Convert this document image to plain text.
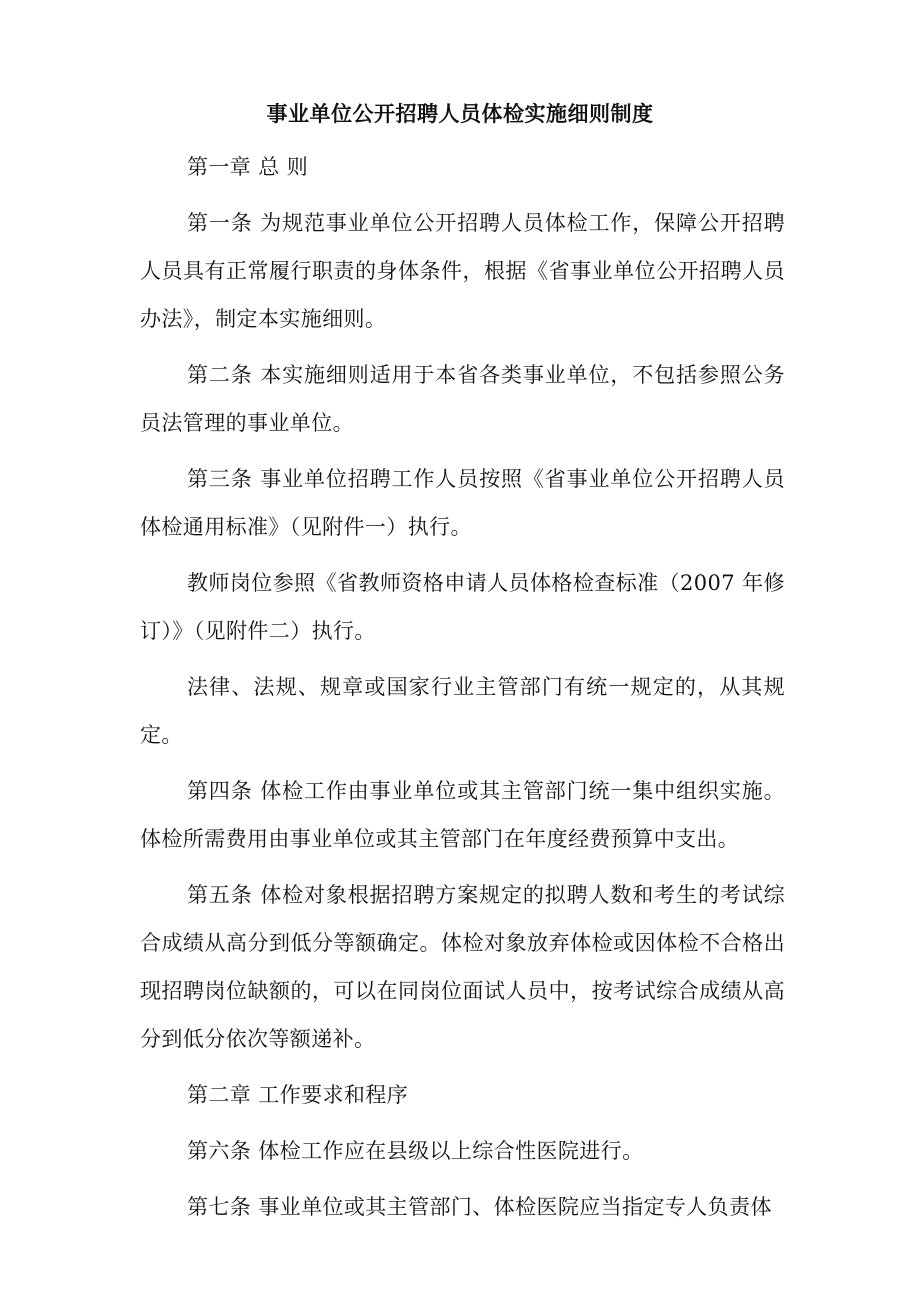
事业单位公开招聘人员体检实施细则制度

第一章 总 则

第一条 为规范事业单位公开招聘人员体检工作，保障公开招聘人员具有正常履行职责的身体条件，根据《省事业单位公开招聘人员办法》，制定本实施细则。

第二条 本实施细则适用于本省各类事业单位，不包括参照公务员法管理的事业单位。

第三条 事业单位招聘工作人员按照《省事业单位公开招聘人员体检通用标准》（见附件一）执行。

教师岗位参照《省教师资格申请人员体格检查标准（2007 年修订）》（见附件二）执行。

法律、法规、规章或国家行业主管部门有统一规定的，从其规定。

第四条 体检工作由事业单位或其主管部门统一集中组织实施。体检所需费用由事业单位或其主管部门在年度经费预算中支出。

第五条 体检对象根据招聘方案规定的拟聘人数和考生的考试综合成绩从高分到低分等额确定。体检对象放弃体检或因体检不合格出现招聘岗位缺额的，可以在同岗位面试人员中，按考试综合成绩从高分到低分依次等额递补。

第二章 工作要求和程序

第六条 体检工作应在县级以上综合性医院进行。

第七条 事业单位或其主管部门、体检医院应当指定专人负责体
